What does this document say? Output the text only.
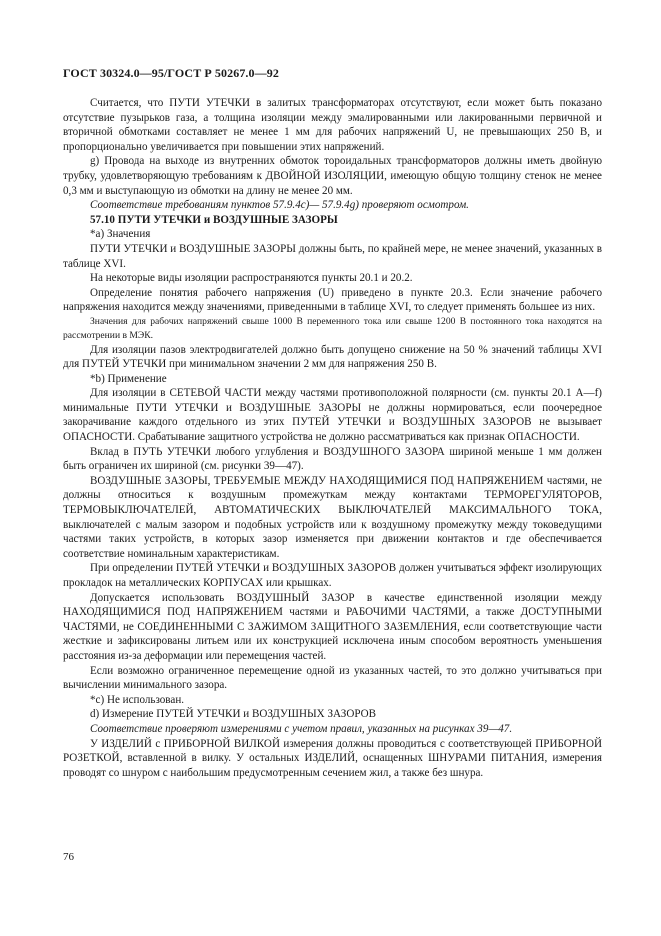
ГОСТ 30324.0—95/ГОСТ Р 50267.0—92

Считается, что ПУТИ УТЕЧКИ в залитых трансформаторах отсутствуют, если может быть показано отсутствие пузырьков газа, а толщина изоляции между эмалированными или лакированными первичной и вторичной обмотками составляет не менее 1 мм для рабочих напряжений U, не превышающих 250 В, и пропорционально увеличивается при повышении этих напряжений.

g) Провода на выходе из внутренних обмоток тороидальных трансформаторов должны иметь двойную трубку, удовлетворяющую требованиям к ДВОЙНОЙ ИЗОЛЯЦИИ, имеющую общую толщину стенок не менее 0,3 мм и выступающую из обмотки на длину не менее 20 мм.

Соответствие требованиям пунктов 57.9.4c)— 57.9.4g) проверяют осмотром.

57.10 ПУТИ УТЕЧКИ и ВОЗДУШНЫЕ ЗАЗОРЫ

*a) Значения

ПУТИ УТЕЧКИ и ВОЗДУШНЫЕ ЗАЗОРЫ должны быть, по крайней мере, не менее значений, указанных в таблице XVI.

На некоторые виды изоляции распространяются пункты 20.1 и 20.2.

Определение понятия рабочего напряжения (U) приведено в пункте 20.3. Если значение рабочего напряжения находится между значениями, приведенными в таблице XVI, то следует применять большее из них.

Значения для рабочих напряжений свыше 1000 В переменного тока или свыше 1200 В постоянного тока находятся на рассмотрении в МЭК.

Для изоляции пазов электродвигателей должно быть допущено снижение на 50 % значений таблицы XVI для ПУТЕЙ УТЕЧКИ при минимальном значении 2 мм для напряжения 250 В.

*b) Применение

Для изоляции в СЕТЕВОЙ ЧАСТИ между частями противоположной полярности (см. пункты 20.1 A—f) минимальные ПУТИ УТЕЧКИ и ВОЗДУШНЫЕ ЗАЗОРЫ не должны нормироваться, если поочередное закорачивание каждого отдельного из этих ПУТЕЙ УТЕЧКИ и ВОЗДУШНЫХ ЗАЗОРОВ не вызывает ОПАСНОСТИ. Срабатывание защитного устройства не должно рассматриваться как признак ОПАСНОСТИ.

Вклад в ПУТЬ УТЕЧКИ любого углубления и ВОЗДУШНОГО ЗАЗОРА шириной меньше 1 мм должен быть ограничен их шириной (см. рисунки 39—47).

ВОЗДУШНЫЕ ЗАЗОРЫ, ТРЕБУЕМЫЕ МЕЖДУ НАХОДЯЩИМИСЯ ПОД НАПРЯЖЕНИЕМ частями, не должны относиться к воздушным промежуткам между контактами ТЕРМОРЕГУЛЯТОРОВ, ТЕРМОВЫКЛЮЧАТЕЛЕЙ, АВТОМАТИЧЕСКИХ ВЫКЛЮЧАТЕЛЕЙ МАКСИМАЛЬНОГО ТОКА, выключателей с малым зазором и подобных устройств или к воздушному промежутку между токоведущими частями таких устройств, в которых зазор изменяется при движении контактов и где обеспечивается соответствие номинальным характеристикам.

При определении ПУТЕЙ УТЕЧКИ и ВОЗДУШНЫХ ЗАЗОРОВ должен учитываться эффект изолирующих прокладок на металлических КОРПУСАХ или крышках.

Допускается использовать ВОЗДУШНЫЙ ЗАЗОР в качестве единственной изоляции между НАХОДЯЩИМИСЯ ПОД НАПРЯЖЕНИЕМ частями и РАБОЧИМИ ЧАСТЯМИ, а также ДОСТУПНЫМИ ЧАСТЯМИ, не СОЕДИНЕННЫМИ С ЗАЖИМОМ ЗАЩИТНОГО ЗАЗЕМЛЕНИЯ, если соответствующие части жесткие и зафиксированы литьем или их конструкцией исключена иным способом вероятность уменьшения расстояния из-за деформации или перемещения частей.

Если возможно ограниченное перемещение одной из указанных частей, то это должно учитываться при вычислении минимального зазора.

*c) Не использован.

d) Измерение ПУТЕЙ УТЕЧКИ и ВОЗДУШНЫХ ЗАЗОРОВ

Соответствие проверяют измерениями с учетом правил, указанных на рисунках 39—47.

У ИЗДЕЛИЙ с ПРИБОРНОЙ ВИЛКОЙ измерения должны проводиться с соответствующей ПРИБОРНОЙ РОЗЕТКОЙ, вставленной в вилку. У остальных ИЗДЕЛИЙ, оснащенных ШНУРАМИ ПИТАНИЯ, измерения проводят со шнуром с наибольшим предусмотренным сечением жил, а также без шнура.

76
